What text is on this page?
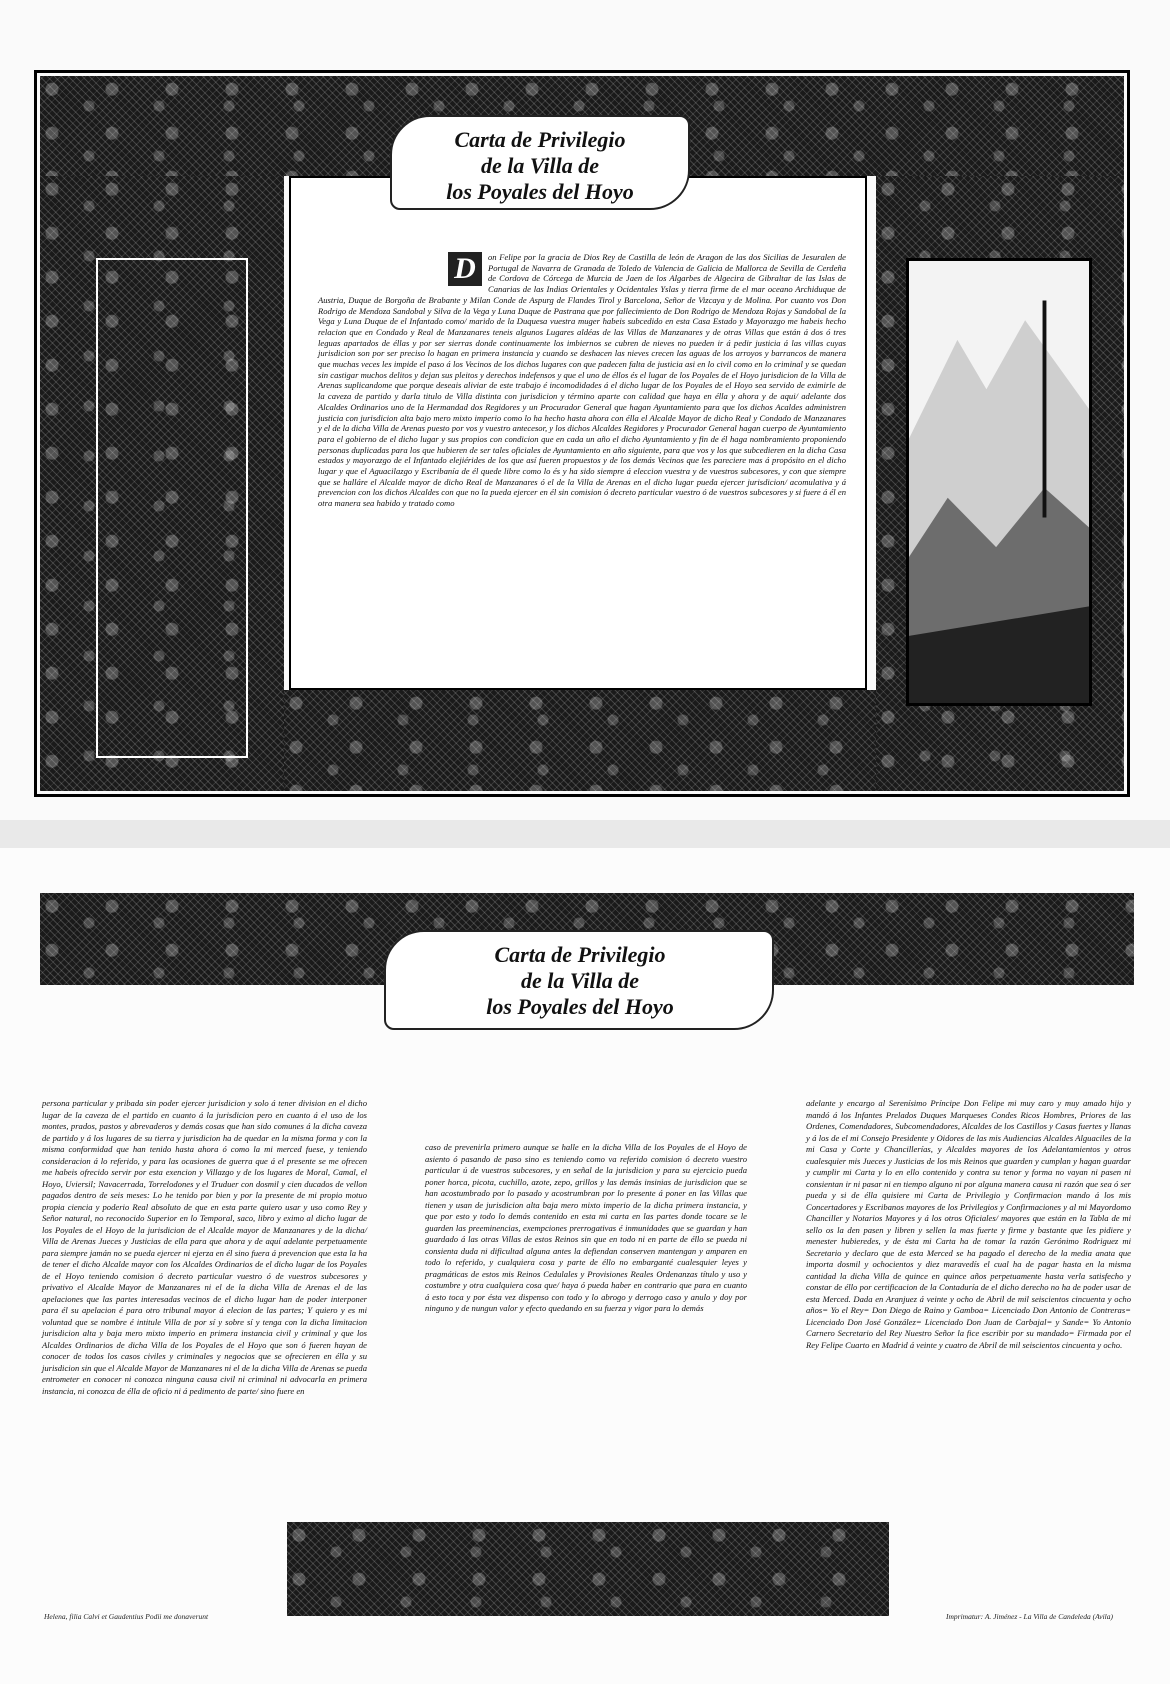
Carta de Privilegio
de la Villa de
los Poyales del Hoyo
D	on Felipe por la gracia de Dios Rey de Castilla de león de Aragon de las dos Sicilias de Jesuralen de Portugal de Navarra de Granada de Toledo de Valencia de Galicia de Mallorca de Sevilla de Cerdeña de Cordova de Córcega de Murcia de Jaen de los Algarbes de Algecira de Gibraltar de las Islas de Canarias de las Indias Orientales y Ocidentales Yslas y tierra firme de el mar oceano Archiduque de Austria, Duque de Borgoña de Brabante y Milan Conde de Aspurg de Flandes Tirol y Barcelona, Señor de Vizcaya y de Molina. Por cuanto vos Don Rodrigo de Mendoza Sandobal y Silva de la Vega y Luna Duque de Pastrana que por fallecimiento de Don Rodrigo de Mendoza Rojas y Sandobal de la Vega y Luna Duque de el Infantado como/ marido de la Duquesa vuestra muger habeis subcedido en esta Casa Estado y Mayorazgo me habeis hecho relacion que en Condado y Real de Manzanares teneis algunos Lugares aldéas de las Villas de Manzanares y de otras Villas que están á dos ó tres leguas apartados de éllas y por ser sierras donde continuamente los imbiernos se cubren de nieves no pueden ir á pedir justicia á las villas cuyas jurisdicion son por ser preciso lo hagan en primera instancia y cuando se deshacen las nieves crecen las aguas de los arroyos y barrancos de manera que muchas veces les impide el paso á los Vecinos de los dichos lugares con que padecen falta de justicia asi en lo civil como en lo criminal y se quedan sin castigar muchos delitos y dejan sus pleitos y derechos indefensos y que el uno de éllos és el lugar de los Poyales de el Hoyo jurisdicion de la Villa de Arenas suplicandome que porque deseais aliviar de este trabajo é incomodidades á el dicho lugar de los Poyales de el Hoyo sea servido de eximirle de la caveza de partido y darla titulo de Villa distinta con jurisdicion y término aparte con calidad que haya en élla y ahora y de aqui/ adelante dos Alcaldes Ordinarios uno de la Hermandad dos Regidores y un Procurador General que hagan Ayuntamiento para que los dichos Acaldes administren justicia con jurisdicion alta bajo mero mixto imperio como lo ha hecho hasta ahora con élla el Alcalde Mayor de dicho Real y Condado de Manzanares y el de la dicha Villa de Arenas puesto por vos y vuestro antecesor, y los dichos Alcaldes Regidores y Procurador General hagan cuerpo de Ayuntamiento para el gobierno de el dicho lugar y sus propios con condicion que en cada un año el dicho Ayuntamiento y fin de él haga nombramiento proponiendo personas duplicadas para los que hubieren de ser tales oficiales de Ayuntamiento en año siguiente, para que vos y los que subcedieren en la dicha Casa estados y mayorazgo de el Infantado elejiérides de los que así fueren propuestos y de los demás Vecinos que les pareciere mas á propósito en el dicho lugar y que el Aguacilazgo y Escribanía de él quede libre como lo és y ha sido siempre á eleccion vuestra y de vuestros subcesores, y con que siempre que se halláre el Alcalde mayor de dicho Real de Manzanares ó el de la Villa de Arenas en el dicho lugar pueda ejercer jurisdicion/ acomulativa y á prevencion con los dichos Alcaldes con que no la pueda ejercer en él sin comision ó decreto particular vuestro ó de vuestros subcesores y si fuere á él en otra manera sea habido y tratado como
Carta de Privilegio
de la Villa de
los Poyales del Hoyo

persona particular y pribada sin poder ejercer jurisdicion y solo á tener division en el dicho lugar de la caveza de el partido en cuanto á la jurisdicion pero en cuanto á el uso de los montes, prados, pastos y abrevaderos y demás cosas que han sido comunes á la dicha caveza de partido y á los lugares de su tierra y jurisdicion ha de quedar en la misma forma y con la misma conformidad que han tenido hasta ahora ó como la mi merced fuese, y teniendo consideracion á lo referido, y para las ocasiones de guerra que á el presente se me ofrecen me habeis ofrecido servir por esta exencion y Villazgo y de los lugares de Moral, Camal, el Hoyo, Uviersil; Navacerrada, Torrelodones y el Truduer con dosmil y cien ducados de vellon pagados dentro de seis meses: Lo he tenido por bien y por la presente de mi propio motuo propia ciencia y poderio Real absoluto de que en esta parte quiero usar y uso como Rey y Señor natural, no reconocido Superior en lo Temporal, saco, libro y eximo al dicho lugar de los Poyales de el Hoyo de la jurisdicion de el Alcalde mayor de Manzanares y de la dicha/ Villa de Arenas Jueces y Justicias de ella para que ahora y de aquí adelante perpetuamente para siempre jamán no se pueda ejercer ni ejerza en él sino fuera á prevencion que esta la ha de tener el dicho Alcalde mayor con los Alcaldes Ordinarios de el dicho lugar de los Poyales de el Hoyo teniendo comision ó decreto particular vuestro ó de vuestros subcesores y privativo el Alcalde Mayor de Manzanares ni el de la dicha Villa de Arenas el de las apelaciones que las partes interesadas vecinos de el dicho lugar han de poder interponer para él su apelacion é para otro tribunal mayor á elecion de las partes; Y quiero y es mi voluntad que se nombre é intitule Villa de por sí y sobre sí y tenga con la dicha limitacion jurisdicion alta y baja mero mixto imperio en primera instancia civil y criminal y que los Alcaldes Ordinarios de dicha Villa de los Poyales de el Hoyo que son ó fueren hayan de conocer de todos los casos civiles y criminales y negocios que se ofrecieren en élla y su jurisdicion sin que el Alcalde Mayor de Manzanares ni el de la dicha Villa de Arenas se pueda entrometer en conocer ni conozca ninguna causa civil ni criminal ni advocarla en primera instancia, ni conozca de élla de oficio ni á pedimento de parte/ sino fuere en

caso de prevenirla primero aunque se halle en la dicha Villa de los Poyales de el Hoyo de asiento ó pasando de paso sino es teniendo como va referido comision ó decreto vuestro particular ú de vuestros subcesores, y en señal de la jurisdicion y para su ejercicio pueda poner horca, picota, cuchillo, azote, zepo, grillos y las demás insinias de jurisdicion que se han acostumbrado por lo pasado y acostrumbran por lo presente á poner en las Villas que tienen y usan de jurisdicion alta baja mero mixto imperio de la dicha primera instancia, y que por esto y todo lo demás contenido en esta mi carta en las partes donde tocare se le guarden las preeminencias, exempciones prerrogativas é inmunidades que se guardan y han guardado á las otras Villas de estos Reinos sin que en todo ni en parte de éllo se pueda ni consienta duda ni dificultad alguna antes la defiendan conserven mantengan y amparen en todo lo referido, y cualquiera cosa y parte de éllo no embarganté cualesquier leyes y pragmáticas de estos mis Reinos Cedulales y Provisiones Reales Ordenanzas título y uso y costumbre y otra cualquiera cosa que/ haya ó pueda haber en contrario que para en cuanto á esto toca y por ésta vez dispenso con todo y lo abrogo y derrogo caso y anulo y doy por ninguno y de nungun valor y efecto quedando en su fuerza y vigor para lo demás

adelante y encargo al Serenísimo Príncipe Don Felipe mi muy caro y muy amado hijo y mandó á los Infantes Prelados Duques Marqueses Condes Ricos Hombres, Priores de las Ordenes, Comendadores, Subcomendadores, Alcaldes de los Castillos y Casas fuertes y llanas y á los de el mi Consejo Presidente y Oidores de las mis Audiencias Alcaldes Alguaciles de la mi Casa y Corte y Chancillerías, y Alcaldes mayores de los Adelantamientos y otros cualesquier mis Jueces y Justicias de los mis Reinos que guarden y cumplan y hagan guardar y cumplir mi Carta y lo en ello contenido y contra su tenor y forma no vayan ni pasen ni consientan ir ni pasar ni en tiempo alguno ni por alguna manera causa ni razón que sea ó ser pueda y si de élla quisiere mi Carta de Privilegio y Confirmacion mando á los mis Concertadores y Escribanos mayores de los Privilegios y Confirmaciones y al mi Mayordomo Chanciller y Notarios Mayores y á los otros Oficiales/ mayores que están en la Tabla de mi sello os la den pasen y libren y sellen la mas fuerte y firme y bastante que les pidiere y menester hubieredes, y de ésta mi Carta ha de tomar la razón Gerónimo Rodriguez mi Secretario y declaro que de esta Merced se ha pagado el derecho de la media anata que importa dosmil y ochocientos y diez maravedís el cual ha de pagar hasta en la misma cantidad la dicha Villa de quince en quince años perpetuamente hasta verla satisfecho y constar de éllo por certificacion de la Contaduría de el dicho derecho no ha de poder usar de esta Merced. Dada en Aranjuez á veinte y ocho de Abril de mil seiscientos cincuenta y ocho años= Yo el Rey= Don Diego de Raino y Gamboa= Licenciado Don Antonio de Contreras= Licenciado Don José González= Licenciado Don Juan de Carbajal= y Sande= Yo Antonio Carnero Secretario del Rey Nuestro Señor la fice escribir por su mandado= Firmada por el Rey Felipe Cuarto en Madrid á veinte y cuatro de Abril de mil seiscientos cincuenta y ocho.

Helena, filia Calvi et Gaudentius Podii me donaverunt	Imprimatur: A. Jiménez - La Villa de Candeleda (Avila)
